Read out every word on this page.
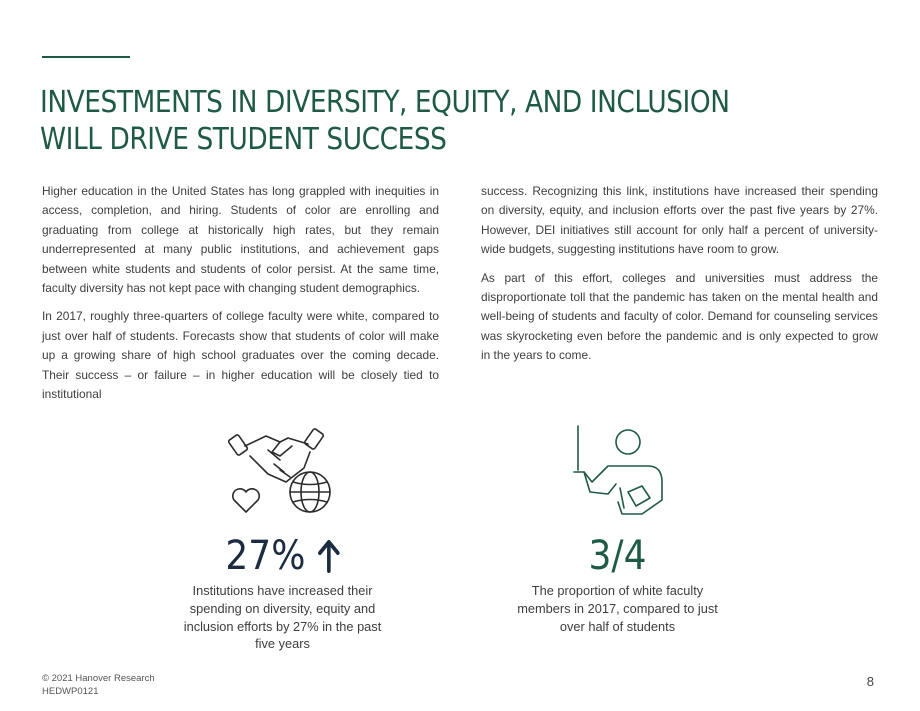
INVESTMENTS IN DIVERSITY, EQUITY, AND INCLUSION
WILL DRIVE STUDENT SUCCESS

Higher education in the United States has long grappled with inequities in access, completion, and hiring. Students of color are enrolling and graduating from college at historically high rates, but they remain underrepresented at many public institutions, and achievement gaps between white students and students of color persist. At the same time, faculty diversity has not kept pace with changing student demographics.

In 2017, roughly three-quarters of college faculty were white, compared to just over half of students. Forecasts show that students of color will make up a growing share of high school graduates over the coming decade. Their success – or failure – in higher education will be closely tied to institutional

success. Recognizing this link, institutions have increased their spending on diversity, equity, and inclusion efforts over the past five years by 27%. However, DEI initiatives still account for only half a percent of university-wide budgets, suggesting institutions have room to grow.

As part of this effort, colleges and universities must address the disproportionate toll that the pandemic has taken on the mental health and well-being of students and faculty of color. Demand for counseling services was skyrocketing even before the pandemic and is only expected to grow in the years to come.

27%
Institutions have increased their spending on diversity, equity and inclusion efforts by 27% in the past five years
3/4
The proportion of white faculty members in 2017, compared to just over half of students
© 2021 Hanover Research
HEDWP0121
8
